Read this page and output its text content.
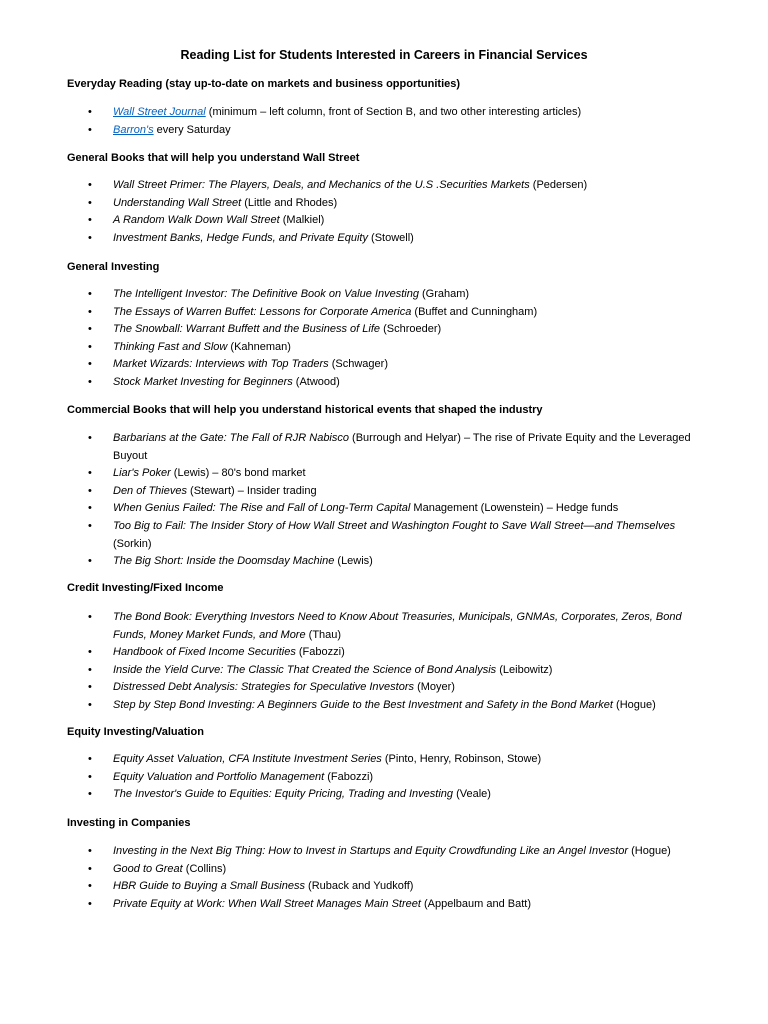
Reading List for Students Interested in Careers in Financial Services
Everyday Reading (stay up-to-date on markets and business opportunities)
• Wall Street Journal (minimum – left column, front of Section B, and two other interesting articles)
• Barron's every Saturday
General Books that will help you understand Wall Street
• Wall Street Primer: The Players, Deals, and Mechanics of the U.S .Securities Markets (Pedersen)
• Understanding Wall Street (Little and Rhodes)
• A Random Walk Down Wall Street (Malkiel)
• Investment Banks, Hedge Funds, and Private Equity (Stowell)
General Investing
• The Intelligent Investor: The Definitive Book on Value Investing (Graham)
• The Essays of Warren Buffet: Lessons for Corporate America (Buffet and Cunningham)
• The Snowball: Warrant Buffett and the Business of Life (Schroeder)
• Thinking Fast and Slow (Kahneman)
• Market Wizards: Interviews with Top Traders (Schwager)
• Stock Market Investing for Beginners (Atwood)
Commercial Books that will help you understand historical events that shaped the industry
• Barbarians at the Gate: The Fall of RJR Nabisco (Burrough and Helyar) – The rise of Private Equity and the Leveraged Buyout
• Liar's Poker (Lewis) – 80's bond market
• Den of Thieves (Stewart) – Insider trading
• When Genius Failed: The Rise and Fall of Long-Term Capital Management (Lowenstein) – Hedge funds
• Too Big to Fail: The Insider Story of How Wall Street and Washington Fought to Save Wall Street—and Themselves (Sorkin)
• The Big Short: Inside the Doomsday Machine (Lewis)
Credit Investing/Fixed Income
• The Bond Book: Everything Investors Need to Know About Treasuries, Municipals, GNMAs, Corporates, Zeros, Bond Funds, Money Market Funds, and More (Thau)
• Handbook of Fixed Income Securities (Fabozzi)
• Inside the Yield Curve: The Classic That Created the Science of Bond Analysis (Leibowitz)
• Distressed Debt Analysis: Strategies for Speculative Investors (Moyer)
• Step by Step Bond Investing: A Beginners Guide to the Best Investment and Safety in the Bond Market (Hogue)
Equity Investing/Valuation
• Equity Asset Valuation, CFA Institute Investment Series (Pinto, Henry, Robinson, Stowe)
• Equity Valuation and Portfolio Management (Fabozzi)
• The Investor's Guide to Equities: Equity Pricing, Trading and Investing (Veale)
Investing in Companies
• Investing in the Next Big Thing: How to Invest in Startups and Equity Crowdfunding Like an Angel Investor (Hogue)
• Good to Great (Collins)
• HBR Guide to Buying a Small Business (Ruback and Yudkoff)
• Private Equity at Work: When Wall Street Manages Main Street (Appelbaum and Batt)
